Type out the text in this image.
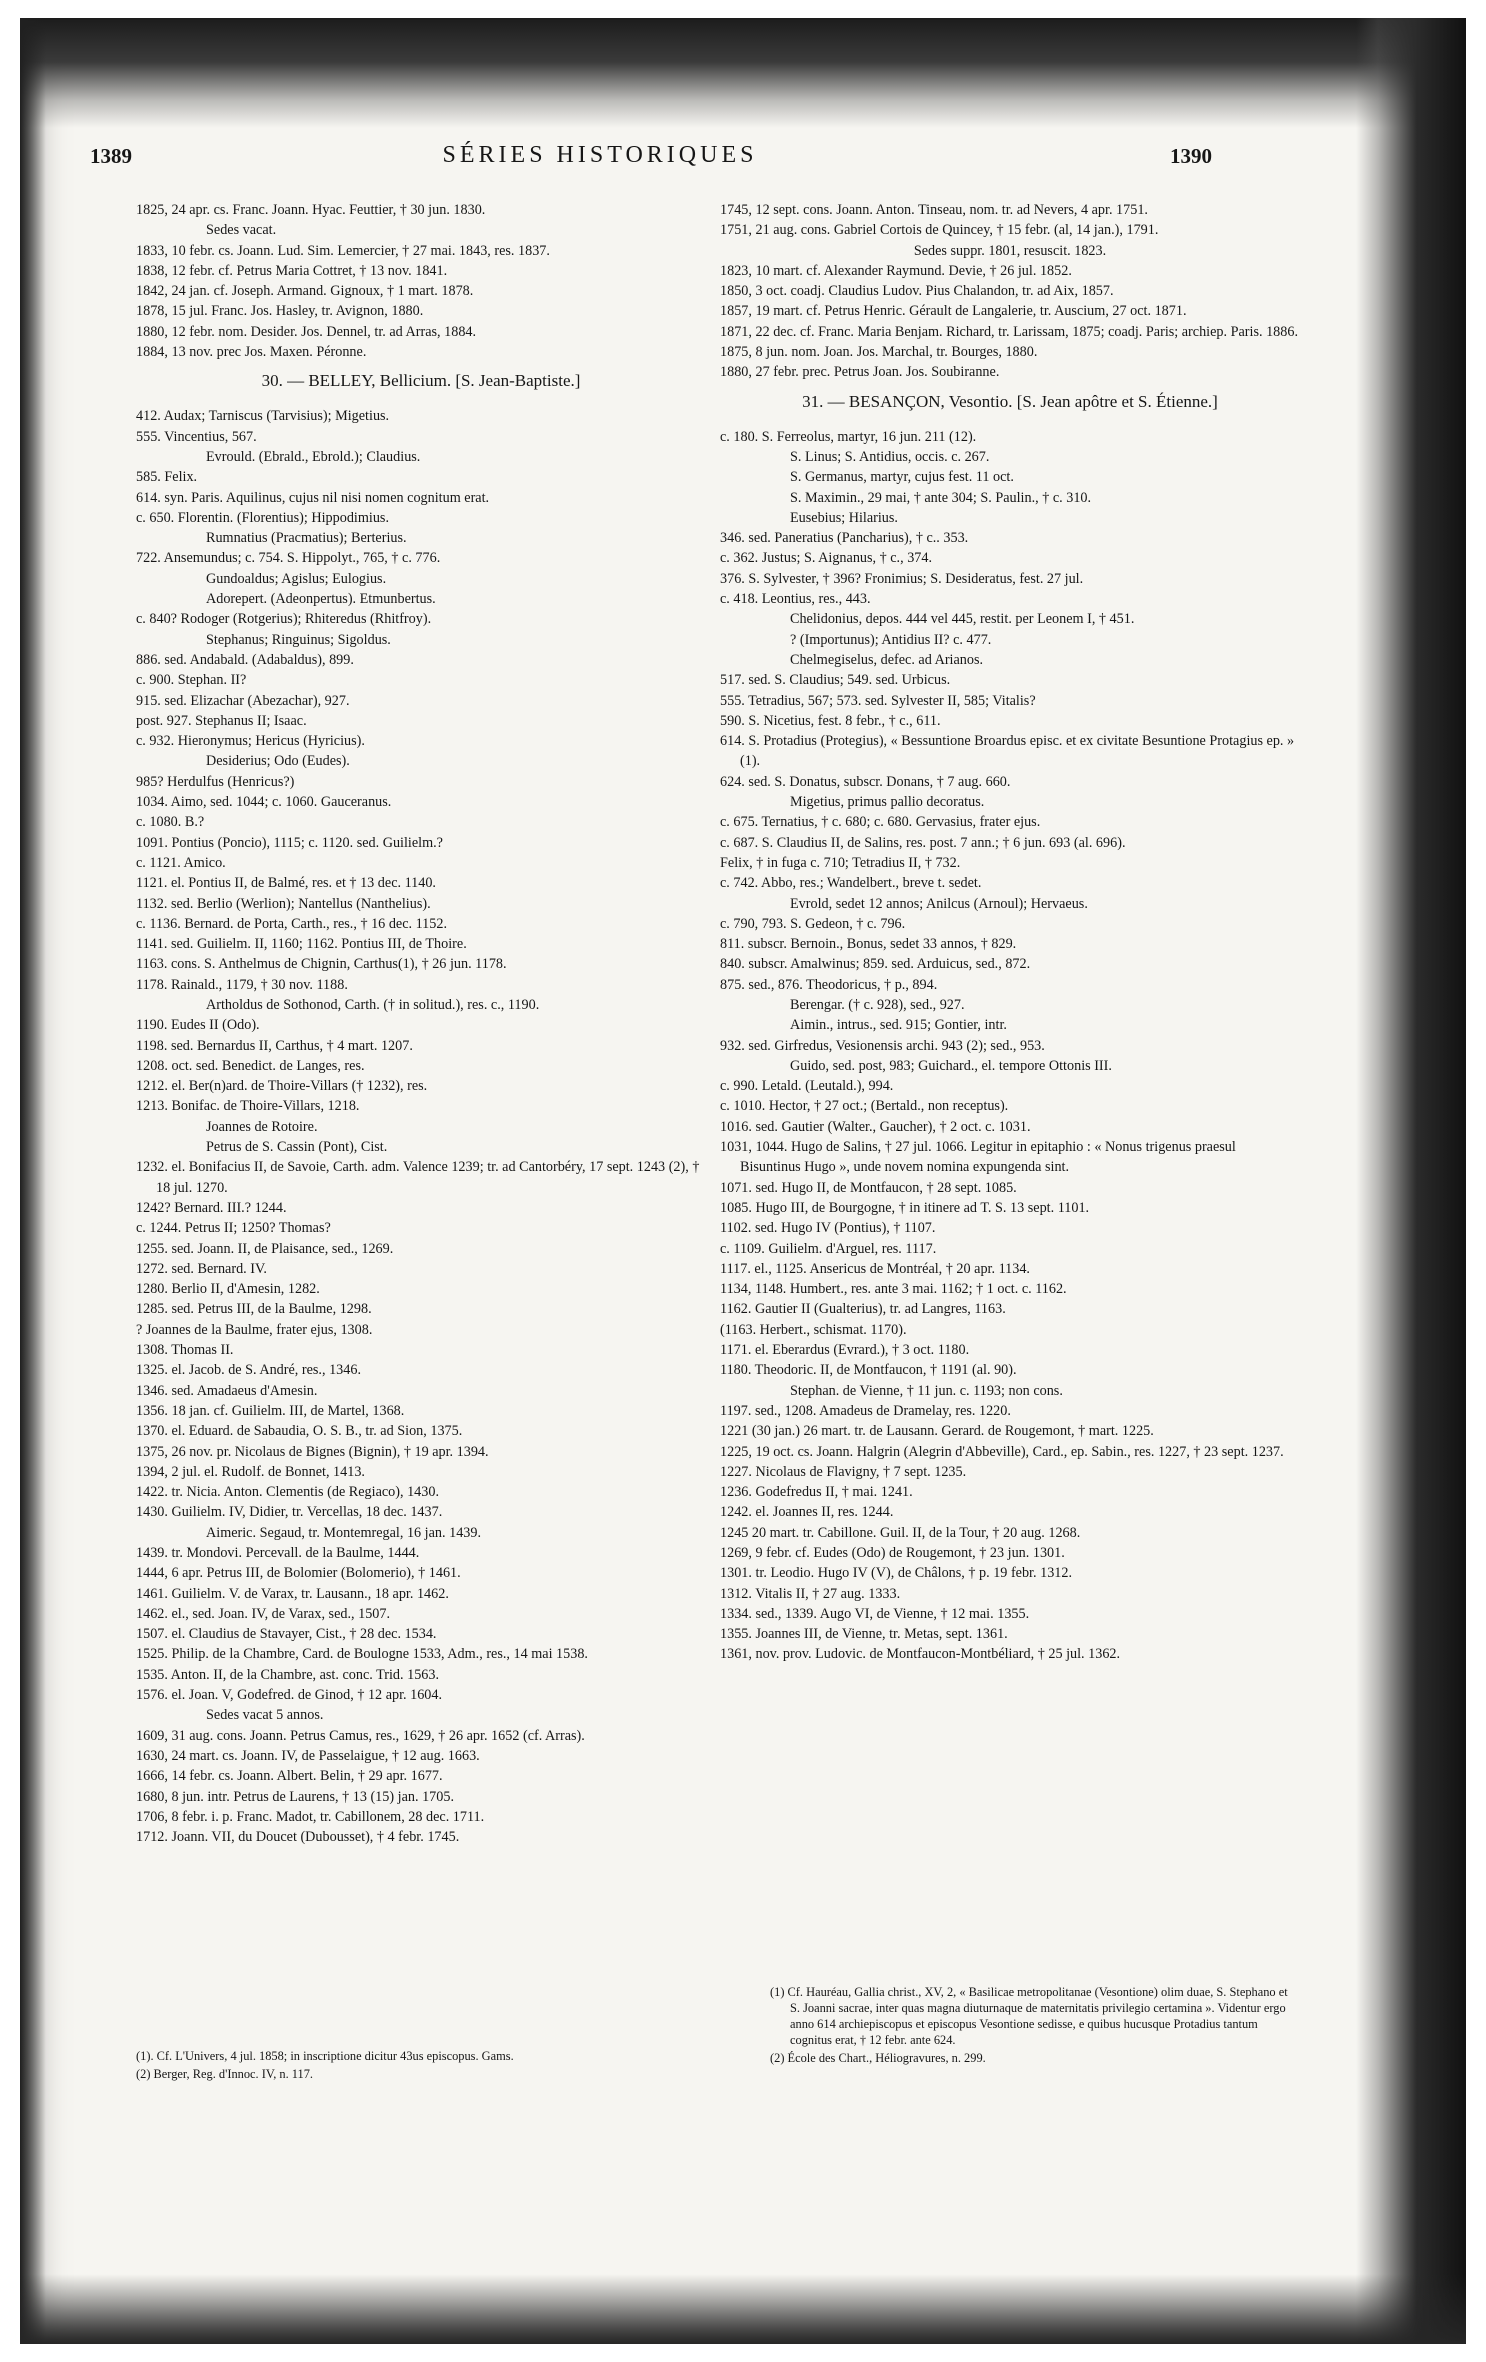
1389	SÉRIES HISTORIQUES	1390

1825, 24 apr. cs. Franc. Joann. Hyac. Feuttier, † 30 jun. 1830.

Sedes vacat.

1833, 10 febr. cs. Joann. Lud. Sim. Lemercier, † 27 mai. 1843, res. 1837.

1838, 12 febr. cf. Petrus Maria Cottret, † 13 nov. 1841.

1842, 24 jan. cf. Joseph. Armand. Gignoux, † 1 mart. 1878.

1878, 15 jul. Franc. Jos. Hasley, tr. Avignon, 1880.

1880, 12 febr. nom. Desider. Jos. Dennel, tr. ad Arras, 1884.

1884, 13 nov. prec Jos. Maxen. Péronne.

30. — BELLEY, Bellicium. [S. Jean-Baptiste.]

412. Audax; Tarniscus (Tarvisius); Migetius.

555. Vincentius, 567.

Evrould. (Ebrald., Ebrold.); Claudius.

585. Felix.

614. syn. Paris. Aquilinus, cujus nil nisi nomen cognitum erat.

c. 650. Florentin. (Florentius); Hippodimius.

Rumnatius (Pracmatius); Berterius.

722. Ansemundus; c. 754. S. Hippolyt., 765, † c. 776.

Gundoaldus; Agislus; Eulogius.

Adorepert. (Adeonpertus). Etmunbertus.

c. 840? Rodoger (Rotgerius); Rhiteredus (Rhitfroy).

Stephanus; Ringuinus; Sigoldus.

886. sed. Andabald. (Adabaldus), 899.

c. 900. Stephan. II?

915. sed. Elizachar (Abezachar), 927.

post. 927. Stephanus II; Isaac.

c. 932. Hieronymus; Hericus (Hyricius).

Desiderius; Odo (Eudes).

985? Herdulfus (Henricus?)

1034. Aimo, sed. 1044; c. 1060. Gauceranus.

c. 1080. B.?

1091. Pontius (Poncio), 1115; c. 1120. sed. Guilielm.?

c. 1121. Amico.

1121. el. Pontius II, de Balmé, res. et † 13 dec. 1140.

1132. sed. Berlio (Werlion); Nantellus (Nanthelius).

c. 1136. Bernard. de Porta, Carth., res., † 16 dec. 1152.

1141. sed. Guilielm. II, 1160; 1162. Pontius III, de Thoire.

1163. cons. S. Anthelmus de Chignin, Carthus(1), † 26 jun. 1178.

1178. Rainald., 1179, † 30 nov. 1188.

Artholdus de Sothonod, Carth. († in solitud.), res. c., 1190.

1190. Eudes II (Odo).

1198. sed. Bernardus II, Carthus, † 4 mart. 1207.

1208. oct. sed. Benedict. de Langes, res.

1212. el. Ber(n)ard. de Thoire-Villars († 1232), res.

1213. Bonifac. de Thoire-Villars, 1218.

Joannes de Rotoire.

Petrus de S. Cassin (Pont), Cist.

1232. el. Bonifacius II, de Savoie, Carth. adm. Valence 1239; tr. ad Cantorbéry, 17 sept. 1243 (2), † 18 jul. 1270.

1242? Bernard. III.? 1244.

c. 1244. Petrus II; 1250? Thomas?

1255. sed. Joann. II, de Plaisance, sed., 1269.

1272. sed. Bernard. IV.

1280. Berlio II, d'Amesin, 1282.

1285. sed. Petrus III, de la Baulme, 1298.

? Joannes de la Baulme, frater ejus, 1308.

1308. Thomas II.

1325. el. Jacob. de S. André, res., 1346.

1346. sed. Amadaeus d'Amesin.

1356. 18 jan. cf. Guilielm. III, de Martel, 1368.

1370. el. Eduard. de Sabaudia, O. S. B., tr. ad Sion, 1375.

1375, 26 nov. pr. Nicolaus de Bignes (Bignin), † 19 apr. 1394.

1394, 2 jul. el. Rudolf. de Bonnet, 1413.

1422. tr. Nicia. Anton. Clementis (de Regiaco), 1430.

1430. Guilielm. IV, Didier, tr. Vercellas, 18 dec. 1437.

Aimeric. Segaud, tr. Montemregal, 16 jan. 1439.

1439. tr. Mondovi. Percevall. de la Baulme, 1444.

1444, 6 apr. Petrus III, de Bolomier (Bolomerio), † 1461.

1461. Guilielm. V. de Varax, tr. Lausann., 18 apr. 1462.

1462. el., sed. Joan. IV, de Varax, sed., 1507.

1507. el. Claudius de Stavayer, Cist., † 28 dec. 1534.

1525. Philip. de la Chambre, Card. de Boulogne 1533, Adm., res., 14 mai 1538.

1535. Anton. II, de la Chambre, ast. conc. Trid. 1563.

1576. el. Joan. V, Godefred. de Ginod, † 12 apr. 1604.

Sedes vacat 5 annos.

1609, 31 aug. cons. Joann. Petrus Camus, res., 1629, † 26 apr. 1652 (cf. Arras).

1630, 24 mart. cs. Joann. IV, de Passelaigue, † 12 aug. 1663.

1666, 14 febr. cs. Joann. Albert. Belin, † 29 apr. 1677.

1680, 8 jun. intr. Petrus de Laurens, † 13 (15) jan. 1705.

1706, 8 febr. i. p. Franc. Madot, tr. Cabillonem, 28 dec. 1711.

1712. Joann. VII, du Doucet (Dubousset), † 4 febr. 1745.

1745, 12 sept. cons. Joann. Anton. Tinseau, nom. tr. ad Nevers, 4 apr. 1751.

1751, 21 aug. cons. Gabriel Cortois de Quincey, † 15 febr. (al, 14 jan.), 1791.

Sedes suppr. 1801, resuscit. 1823.

1823, 10 mart. cf. Alexander Raymund. Devie, † 26 jul. 1852.

1850, 3 oct. coadj. Claudius Ludov. Pius Chalandon, tr. ad Aix, 1857.

1857, 19 mart. cf. Petrus Henric. Gérault de Langalerie, tr. Auscium, 27 oct. 1871.

1871, 22 dec. cf. Franc. Maria Benjam. Richard, tr. Larissam, 1875; coadj. Paris; archiep. Paris. 1886.

1875, 8 jun. nom. Joan. Jos. Marchal, tr. Bourges, 1880.

1880, 27 febr. prec. Petrus Joan. Jos. Soubiranne.

31. — BESANÇON, Vesontio. [S. Jean apôtre et S. Étienne.]

c. 180. S. Ferreolus, martyr, 16 jun. 211 (12).

S. Linus; S. Antidius, occis. c. 267.

S. Germanus, martyr, cujus fest. 11 oct.

S. Maximin., 29 mai, † ante 304; S. Paulin., † c. 310.

Eusebius; Hilarius.

346. sed. Paneratius (Pancharius), † c.. 353.

c. 362. Justus; S. Aignanus, † c., 374.

376. S. Sylvester, † 396? Fronimius; S. Desideratus, fest. 27 jul.

c. 418. Leontius, res., 443.

Chelidonius, depos. 444 vel 445, restit. per Leonem I, † 451.

? (Importunus); Antidius II? c. 477.

Chelmegiselus, defec. ad Arianos.

517. sed. S. Claudius; 549. sed. Urbicus.

555. Tetradius, 567; 573. sed. Sylvester II, 585; Vitalis?

590. S. Nicetius, fest. 8 febr., † c., 611.

614. S. Protadius (Protegius), « Bessuntione Broardus episc. et ex civitate Besuntione Protagius ep. » (1).

624. sed. S. Donatus, subscr. Donans, † 7 aug. 660.

Migetius, primus pallio decoratus.

c. 675. Ternatius, † c. 680; c. 680. Gervasius, frater ejus.

c. 687. S. Claudius II, de Salins, res. post. 7 ann.; † 6 jun. 693 (al. 696).

Felix, † in fuga c. 710; Tetradius II, † 732.

c. 742. Abbo, res.; Wandelbert., breve t. sedet.

Evrold, sedet 12 annos; Anilcus (Arnoul); Hervaeus.

c. 790, 793. S. Gedeon, † c. 796.

811. subscr. Bernoin., Bonus, sedet 33 annos, † 829.

840. subscr. Amalwinus; 859. sed. Arduicus, sed., 872.

875. sed., 876. Theodoricus, † p., 894.

Berengar. († c. 928), sed., 927.

Aimin., intrus., sed. 915; Gontier, intr.

932. sed. Girfredus, Vesionensis archi. 943 (2); sed., 953.

Guido, sed. post, 983; Guichard., el. tempore Ottonis III.

c. 990. Letald. (Leutald.), 994.

c. 1010. Hector, † 27 oct.; (Bertald., non receptus).

1016. sed. Gautier (Walter., Gaucher), † 2 oct. c. 1031.

1031, 1044. Hugo de Salins, † 27 jul. 1066. Legitur in epitaphio : « Nonus trigenus praesul Bisuntinus Hugo », unde novem nomina expungenda sint.

1071. sed. Hugo II, de Montfaucon, † 28 sept. 1085.

1085. Hugo III, de Bourgogne, † in itinere ad T. S. 13 sept. 1101.

1102. sed. Hugo IV (Pontius), † 1107.

c. 1109. Guilielm. d'Arguel, res. 1117.

1117. el., 1125. Ansericus de Montréal, † 20 apr. 1134.

1134, 1148. Humbert., res. ante 3 mai. 1162; † 1 oct. c. 1162.

1162. Gautier II (Gualterius), tr. ad Langres, 1163.

(1163. Herbert., schismat. 1170).

1171. el. Eberardus (Evrard.), † 3 oct. 1180.

1180. Theodoric. II, de Montfaucon, † 1191 (al. 90).

Stephan. de Vienne, † 11 jun. c. 1193; non cons.

1197. sed., 1208. Amadeus de Dramelay, res. 1220.

1221 (30 jan.) 26 mart. tr. de Lausann. Gerard. de Rougemont, † mart. 1225.

1225, 19 oct. cs. Joann. Halgrin (Alegrin d'Abbeville), Card., ep. Sabin., res. 1227, † 23 sept. 1237.

1227. Nicolaus de Flavigny, † 7 sept. 1235.

1236. Godefredus II, † mai. 1241.

1242. el. Joannes II, res. 1244.

1245 20 mart. tr. Cabillone. Guil. II, de la Tour, † 20 aug. 1268.

1269, 9 febr. cf. Eudes (Odo) de Rougemont, † 23 jun. 1301.

1301. tr. Leodio. Hugo IV (V), de Châlons, † p. 19 febr. 1312.

1312. Vitalis II, † 27 aug. 1333.

1334. sed., 1339. Augo VI, de Vienne, † 12 mai. 1355.

1355. Joannes III, de Vienne, tr. Metas, sept. 1361.

1361, nov. prov. Ludovic. de Montfaucon-Montbéliard, † 25 jul. 1362.

(1). Cf. L'Univers, 4 jul. 1858; in inscriptione dicitur 43us episcopus. Gams.

(2) Berger, Reg. d'Innoc. IV, n. 117.

(1) Cf. Hauréau, Gallia christ., XV, 2, « Basilicae metropolitanae (Vesontione) olim duae, S. Stephano et S. Joanni sacrae, inter quas magna diuturnaque de maternitatis privilegio certamina ». Videntur ergo anno 614 archiepiscopus et episcopus Vesontione sedisse, e quibus hucusque Protadius tantum cognitus erat, † 12 febr. ante 624.

(2) École des Chart., Héliogravures, n. 299.
